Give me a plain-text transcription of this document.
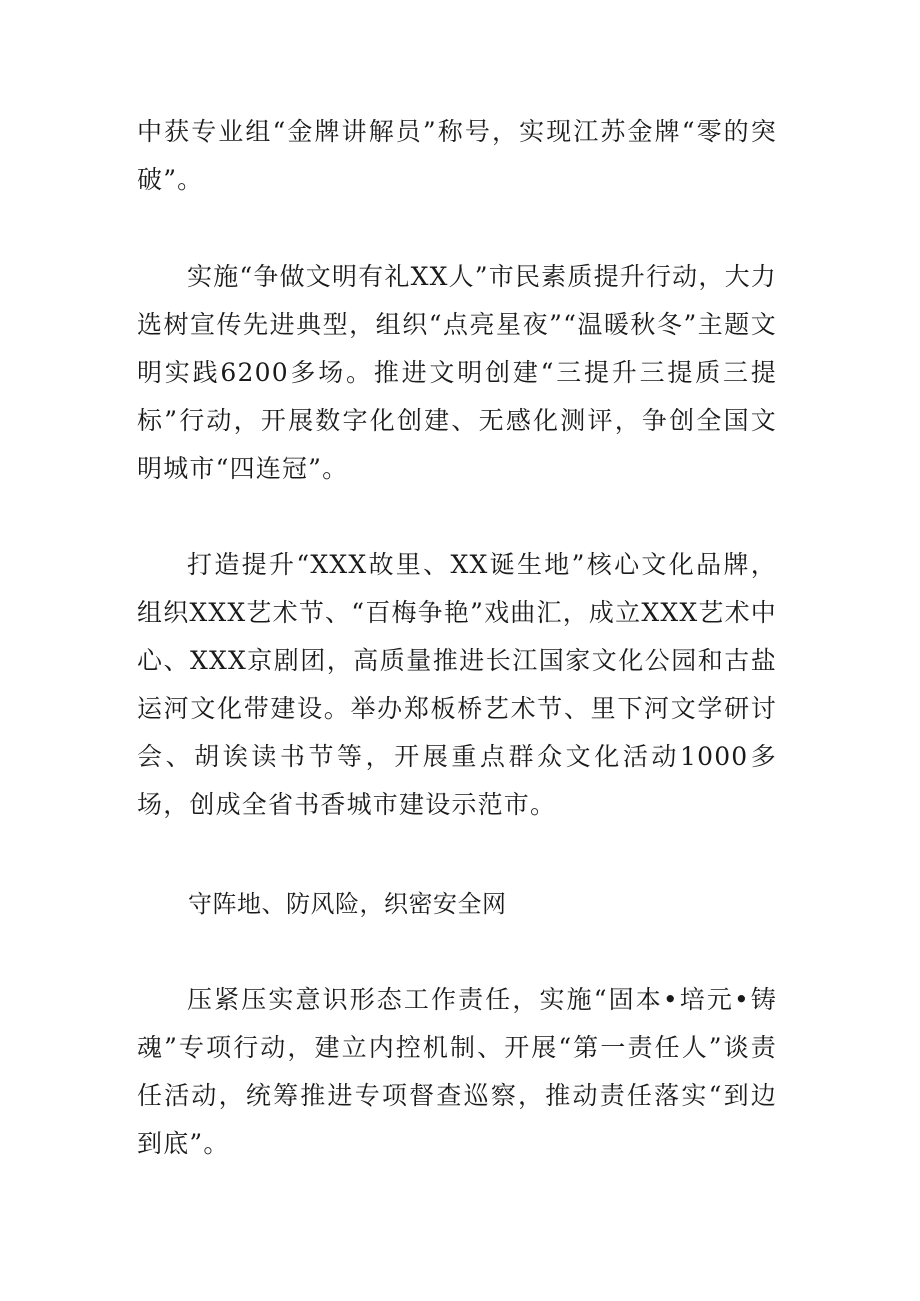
中获专业组“金牌讲解员”称号，实现江苏金牌“零的突破”。

实施“争做文明有礼XX人”市民素质提升行动，大力选树宣传先进典型，组织“点亮星夜”“温暖秋冬”主题文明实践6200多场。推进文明创建“三提升三提质三提标”行动，开展数字化创建、无感化测评，争创全国文明城市“四连冠”。

打造提升“XXX故里、XX诞生地”核心文化品牌，组织XXX艺术节、“百梅争艳”戏曲汇，成立XXX艺术中心、XXX京剧团，高质量推进长江国家文化公园和古盐运河文化带建设。举办郑板桥艺术节、里下河文学研讨会、胡诶读书节等，开展重点群众文化活动1000多场，创成全省书香城市建设示范市。

守阵地、防风险，织密安全网

压紧压实意识形态工作责任，实施“固本•培元•铸魂”专项行动，建立内控机制、开展“第一责任人”谈责任活动，统筹推进专项督查巡察，推动责任落实“到边到底”。
